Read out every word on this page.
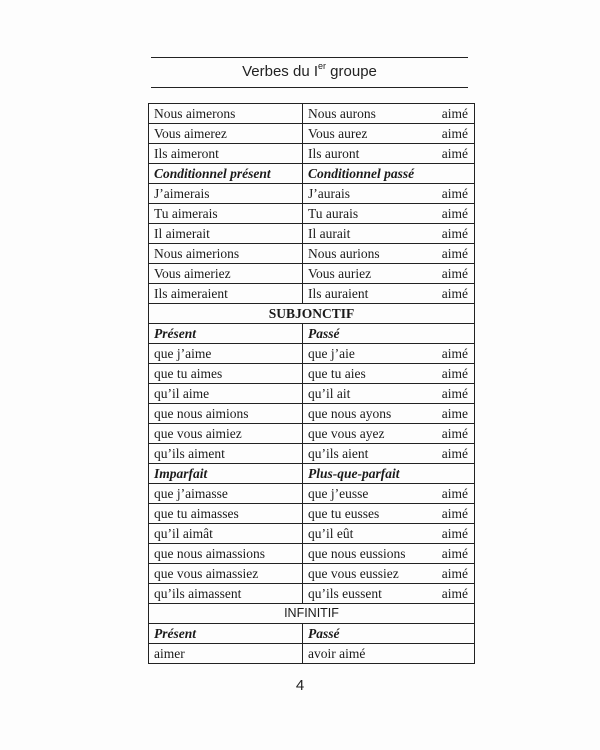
Verbes du Ier groupe
Nous aimerons	Nous aurons aimé

Vous aimerez	Vous aurez aimé

Ils aimeront	Ils auront aimé

Conditionnel présent	Conditionnel passé
J’aimerais	J’aurais aimé

Tu aimerais	Tu aurais aimé

Il aimerait	Il aurait aimé

Nous aimerions	Nous aurions aimé

Vous aimeriez	Vous auriez aimé

Ils aimeraient	Ils auraient aimé

SUBJONCTIF	
Présent	Passé
que j’aime	que j’aie aimé

que tu aimes	que tu aies aimé

qu’il aime	qu’il ait aimé

que nous aimions	que nous ayons aime

que vous aimiez	que vous ayez aimé

qu’ils aiment	qu’ils aient aimé

Imparfait	Plus-que-parfait
que j’aimasse	que j’eusse aimé

que tu aimasses	que tu eusses aimé

qu’il aimât	qu’il eût aimé

que nous aimassions	que nous eussions aimé

que vous aimassiez	que vous eussiez aimé

qu’ils aimassent	qu’ils eussent aimé

INFINITIF	
Présent	Passé
aimer	avoir aimé
4
